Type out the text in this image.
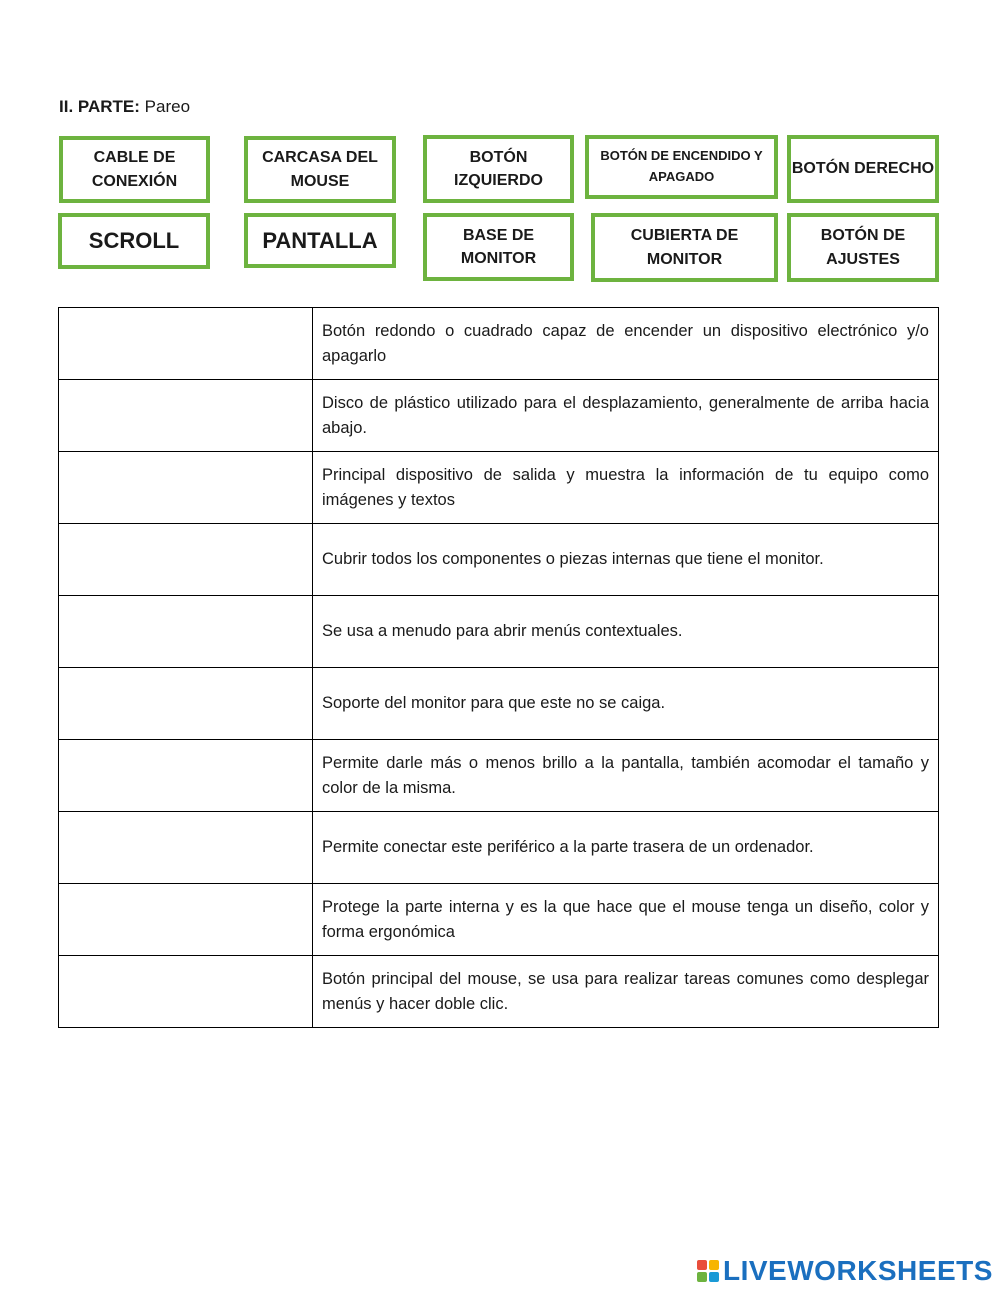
II. PARTE: Pareo
CABLE DE CONEXIÓN
CARCASA DEL MOUSE
BOTÓN IZQUIERDO
BOTÓN DE ENCENDIDO Y APAGADO	BOTÓN DERECHO
SCROLL	PANTALLA	BASE DE MONITOR
CUBIERTA DE MONITOR
BOTÓN DE AJUSTES
	Botón redondo o cuadrado capaz de encender un dispositivo electrónico y/o apagarlo

	Disco de plástico utilizado para el desplazamiento, generalmente de arriba hacia abajo.

	Principal dispositivo de salida y muestra la información de tu equipo como imágenes y textos

	Cubrir todos los componentes o piezas internas que tiene el monitor.

	Se usa a menudo para abrir menús contextuales.

	Soporte del monitor para que este no se caiga.

	Permite darle más o menos brillo a la pantalla, también acomodar el tamaño y color de la misma.

	Permite conectar este periférico a la parte trasera de un ordenador.

	Protege la parte interna y es la que hace que el mouse tenga un diseño, color y forma ergonómica

	Botón principal del mouse, se usa para realizar tareas comunes como desplegar menús y hacer doble clic.
LIVEWORKSHEETS
